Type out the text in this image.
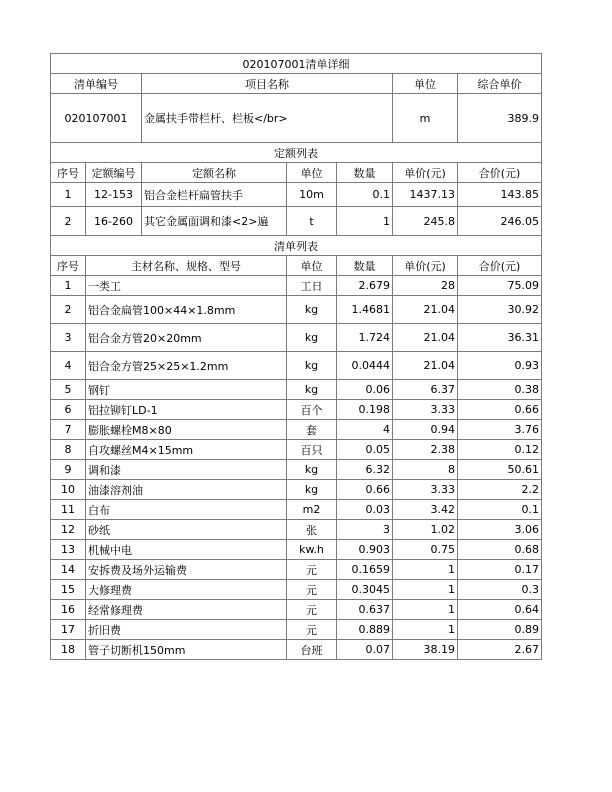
020107001清单详细						
清单编号		项目名称			单位	综合单价
020107001		金属扶手带栏杆、栏板</br>			m	389.9
定额列表						
序号	定额编号	定额名称	单位	数量	单价(元)	合价(元)
1	12-153	铝合金栏杆扁管扶手	10m	0.1	1437.13	143.85
2	16-260	其它金属面调和漆<2>遍	t	1	245.8	246.05
清单列表						
序号	主材名称、规格、型号		单位	数量	单价(元)	合价(元)
1	一类工		工日	2.679	28	75.09
2	铝合金扁管100×44×1.8mm		kg	1.4681	21.04	30.92
3	铝合金方管20×20mm		kg	1.724	21.04	36.31
4	铝合金方管25×25×1.2mm		kg	0.0444	21.04	0.93
5	钢钉		kg	0.06	6.37	0.38
6	铝拉铆钉LD-1		百个	0.198	3.33	0.66
7	膨胀螺栓M8×80		套	4	0.94	3.76
8	自攻螺丝M4×15mm		百只	0.05	2.38	0.12
9	调和漆		kg	6.32	8	50.61
10	油漆溶剂油		kg	0.66	3.33	2.2
11	白布		m2	0.03	3.42	0.1
12	砂纸		张	3	1.02	3.06
13	机械中电		kw.h	0.903	0.75	0.68
14	安拆费及场外运输费		元	0.1659	1	0.17
15	大修理费		元	0.3045	1	0.3
16	经常修理费		元	0.637	1	0.64
17	折旧费		元	0.889	1	0.89
18	管子切断机150mm		台班	0.07	38.19	2.67
